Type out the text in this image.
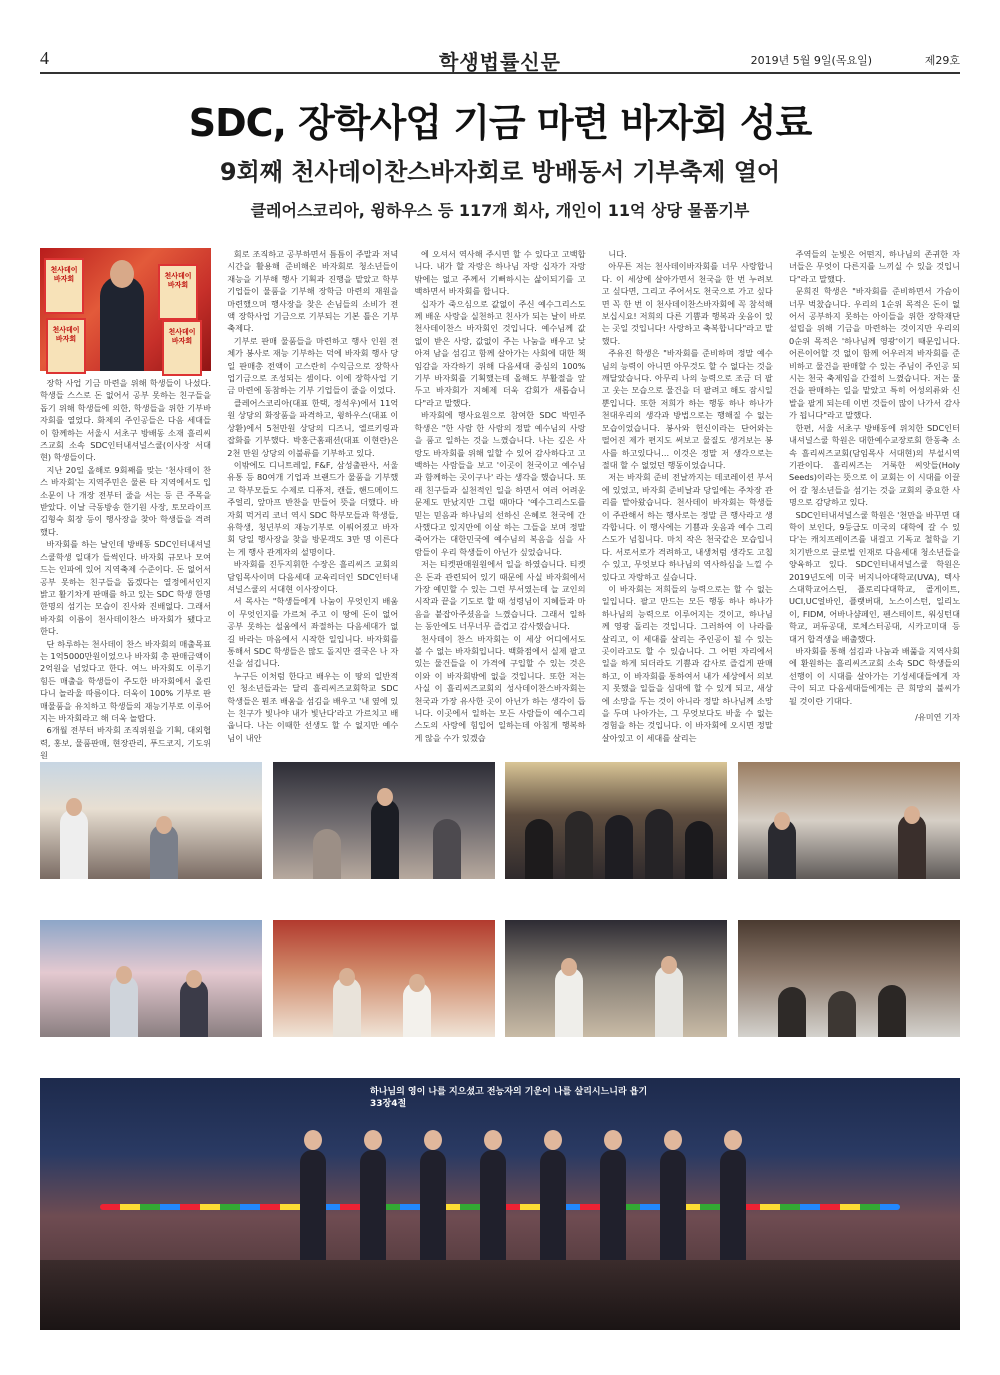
4	학생법률신문	2019년 5월 9일(목요일)	제29호
SDC, 장학사업 기금 마련 바자회 성료
9회째 천사데이찬스바자회로 방배동서 기부축제 열어
클레어스코리아, 윙하우스 등 117개 회사, 개인이 11억 상당 물품기부
천사데이 바자회	천사데이 바자회
천사데이 바자회
천사데이 바자회

장학 사업 기금 마련을 위해 학생들이 나섰다. 학생들 스스로 돈 없어서 공부 못하는 친구들을 돕기 위해 학생들에 의한, 학생들을 위한 기부바자회를 열었다. 화제의 주인공들은 다음 세대들이 함께하는 서울시 서초구 방배동 소재 흘리씨즈교회 소속 SDC인터내셔널스쿨(이사장 서대현) 학생들이다.

지난 20일 올해로 9회째를 맞는 '천사데이 찬스 바자회'는 지역주민은 물론 타 지역에서도 입소문이 나 개장 전부터 줄을 서는 등 큰 주목을 받았다. 이날 극동방송 한기원 사장, 토모라이프 김형숙 회장 등이 행사장을 찾아 학생들을 격려했다.

바자회를 하는 날인데 방배동 SDC인터내셔널스쿨학생 일대가 들썩인다. 바자회 규모나 모여드는 인파에 있어 지역축제 수준이다. 돈 없어서 공부 못하는 친구들을 돕겠다는 열정에서인지 밝고 활기차게 판매를 하고 있는 SDC 학생 한명 한명의 섬기는 모습이 진사와 진배없다. 그래서 바자회 이름이 천사데이찬스 바자회가 됐다고 한다.

단 하루하는 천사데이 찬스 바자회의 매출목표는 1억5000만원이었으나 바자회 총 판매금액이 2억원을 넘었다고 한다. 여느 바자회도 이루기 힘든 매출을 학생들이 주도한 바자회에서 올린다니 놀라울 따름이다. 더욱이 100% 기부로 판매물품을 유치하고 학생들의 재능기부로 이루어지는 바자회라고 해 더욱 놀랍다.

6개월 전부터 바자회 조직위원을 기획, 대외협력, 홍보, 물품판매, 현장관리, 푸드코지, 기도위원

회로 조직하고 공부하면서 틈틈이 주말과 저녁시간을 활용해 준비해온 바자회로 청소년들이 재능을 기부해 행사 기획과 진행을 맡았고 학부 기업들이 물품을 기부해 장학금 마련의 재원을 마련했으며 행사장을 찾은 손님들의 소비가 전액 장학사업 기금으로 기부되는 기본 틀은 기부 축제다.

기부로 판매 물품들을 마련하고 행사 인원 전체가 봉사로 재능 기부하는 덕에 바자회 행사 당일 판매총 전액이 고스란히 수익금으로 장학사업기금으로 조성되는 셈이다. 이에 장학사업 기금 마련에 동참하는 기부 기업들이 줄을 이었다.

클레어스코리아(대표 한택, 정석우)에서 11억원 상당의 화장품을 파격하고, 윙하우스(대표 이상환)에서 5천만원 상당의 디즈니, 엘르키링과 잡화를 기부했다. 박홍근홈패션(대표 이현란)은 2천 만원 상당의 이불류를 기부하고 있다.

이밖에도 디니트레일, F&F, 삼성출판사, 서울유통 등 80여개 기업과 브랜드가 물품을 기부했고 학부모들도 수제로 디퓨저, 캔들, 핸드메이드 주얼리, 앞마프 반찬을 만들어 뜻을 더했다. 바자회 먹거리 코너 역시 SDC 학부모들과 학생들, 유학생, 청년부의 재능기부로 이뤄어졌고 바자회 당일 행사장을 찾을 방문객도 3만 명 이른다는 게 행사 관계자의 설명이다.

바자회를 진두지휘한 수장은 흘리씨즈 교회의 담임목사이며 다음세대 교육리더인 SDC인터내셔널스쿨의 서대현 이사장이다.

서 목사는 "학생들에게 나눔이 무엇인지 배움이 무엇인지를 가르쳐 주고 이 땅에 돈이 없어 공부 못하는 설움에서 좌절하는 다음세대가 없길 바라는 마음에서 시작한 일입니다. 바자회를 통해서 SDC 학생들은 많도 돌지만 결국은 나 자신을 섬깁니다.

누구든 이처럼 한다고 배우는 이 땅의 일반적인 청소년들과는 달리 흘리씨즈교회학교 SDC 학생들은 뭔조 배움을 섬김을 배우고 '내 옆에 있는 친구가 빛나야 내가 빛난다'라고 가르치고 배웁니다. 나는 이때한 선생도 할 수 없지만 예수님이 내안

에 오셔서 역사해 주시면 할 수 있다고 고백합니다. 내가 할 자랑은 하나님 자랑 십자가 자랑 밖에는 없고 주께서 기뻐하시는 삶이되기를 고백하면서 바자회를 합니다.

십자가 죽으심으로 값없이 주신 예수그리스도께 배운 사랑을 실천하고 친사가 되는 날이 바로 천사데이찬스 바자회인 것입니다. 예수님께 값없이 받은 사랑, 값없이 주는 나눔을 배우고 낮아져 남을 섬김고 함께 살아가는 사회에 대한 책임감을 자각하기 위해 다음세대 중심의 100% 기부 바자회를 기획했는데 올해도 부활절을 앞두고 바자회가 지혜제 더욱 감회가 새롭습니다"라고 말했다.

바자회에 행사요원으로 참여한 SDC 박민주 학생은 "한 사람 한 사람의 정말 예수님의 사랑을 품고 일하는 것을 느꼈습니다. 나는 깊은 사랑도 바자회를 위해 일할 수 있어 감사하다고 고백하는 사람들을 보고 '이곳이 천국이고 예수님과 함께하는 곳이구나' 라는 생각을 했습니다. 또래 친구들과 실천적인 일을 하면서 여러 어려운 문제도 만났지만 그럴 때마다 '예수그리스도를 믿는 믿음과 하나님의 선하신 은혜로 천국에 간사했다고 있지만에 이살 하는 그들을 보며 정말 죽어가는 대한민국에 예수님의 복음을 심을 사람들이 우리 학생들이 아닌가 싶었습니다.

저는 티켓판매원원에서 일을 하였습니다. 티켓은 돈과 관련되어 있기 때문에 사실 바자회에서 가장 예민할 수 있는 그런 부서였는데 늘 교인의 시작과 끝을 기도로 할 때 성령님이 지혜들과 마음을 붙잡아주셨음을 느꼈습니다. 그래서 일하는 동안에도 너무너무 즐겁고 감사했습니다.

천사데이 찬스 바자회는 이 세상 어디에서도 볼 수 없는 바자회입니다. 백화점에서 실제 팔고 있는 물건들을 이 가격에 구입할 수 있는 것은 이와 이 바자회밖에 없을 것입니다. 또한 저는 사실 이 흘리씨즈교회의 성사데이찬스바자회는 천국과 가장 유사한 곳이 아닌가 하는 생각이 듭니다. 이곳에서 일하는 모든 사람들이 예수그리스도의 사랑에 힘입어 일하는데 아침게 행복하게 않을 수가 있겠습

니다.

아무튼 저는 천사데이바자회를 너무 사랑합니다. 이 세상에 살아가면서 천국을 한 번 누려보고 싶다면, 그리고 주어서도 천국으로 가고 싶다면 꼭 한 번 이 천사데이찬스바자회에 꼭 참석해보십시요! 저희의 다른 기쁨과 행복과 웃음이 있는 곳일 것입니다! 사랑하고 축복합니다"라고 말했다.

주유진 학생은 "바자회를 준비하며 정말 예수님의 능력이 아니면 아무것도 할 수 없다는 것을 깨달았습니다. 아무리 나의 능력으로 조금 더 팔고 웃는 모습으로 물건을 더 팔려고 해도 잠시일 뿐입니다. 또한 저희가 하는 행동 하나 하나가 천대우리의 생각과 방법으로는 행해질 수 없는 모습이었습니다. 봉사와 헌신이라는 단어와는 떨어진 제가 편지도 써보고 물질도 생겨보는 봉사를 하고있다니... 이것은 정말 저 생각으로는 절대 할 수 없었던 행동이었습니다.

저는 바자회 준비 전날까지는 데코레이션 부서에 있었고, 바자회 준비날과 당일에는 주차장 관리를 맡아왔습니다. 천사데이 바자회는 학생들이 주관해서 하는 행사로는 정말 큰 행사라고 생각합니다. 이 행사에는 기쁨과 웃음과 예수 그리스도가 넘칩니다. 마치 작은 천국같은 모습입니다. 서로서로가 격려하고, 내생처럼 생각도 고칩 수 있고, 무엇보다 하나님의 역사하심을 느낄 수 있다고 자랑하고 싶습니다.

이 바자회는 저희들의 능력으로는 할 수 없는 일입니다. 팔고 만드는 모든 행동 하나 하나가 하나님의 능력으로 이루어지는 것이고, 하나님께 영광 돌리는 것입니다. 그러하여 이 나라를 살리고, 이 세대를 살리는 주인공이 될 수 있는 곳이라고도 할 수 있습니다. 그 어떤 자리에서 일을 하게 되더라도 기쁨과 감사로 즐겁게 판매하고, 이 바자회를 통하여서 내가 세상에서 의보지 못했을 일들을 심대에 할 수 있게 되고, 새상에 소망을 두는 것이 아니라 정말 하나님께 소망을 두며 나아가는, 그 무엇보다도 바울 수 없는 경험을 하는 것입니다. 이 바자회에 오시면 정말 살아있고 이 세대를 살리는

주역들의 눈빛은 어떤지, 하나님의 존귀한 자녀들은 무엇이 다른지를 느끼실 수 있을 것입니다"라고 말했다.

문희진 학생은 "바자회를 준비하면서 가슴이 너무 벅찼습니다. 우리의 1순위 목적은 돈이 없어서 공부하지 못하는 아이들을 위한 장학재단 설립을 위해 기금을 마련하는 것이지만 우리의 0순위 목적은 '하나님께 영광'이기 때문입니다. 어른이어할 것 없이 함께 어우러져 바자회를 준비하고 물건을 판매할 수 있는 주님이 주인공 되시는 천국 축제임을 간절히 느꼈습니다. 저는 물건을 판매하는 일을 맡았고 특히 어성의류와 신발을 팔게 되는데 이번 것들이 많이 나가서 감사가 됩니다"라고 말했다.

한편, 서울 서초구 방배동에 위치한 SDC인터내셔널스쿨 학원은 대한예수교장로회 한동축 소속 흘리씨즈교회(담임목사 서대현)의 부설시역기관이다. 흘리씨즈는 거룩한 씨앗들(Holy Seeds)이라는 뜻으로 이 교회는 이 시대를 이끌어 갈 청소년들을 섬기는 것을 교회의 중요한 사명으로 감당하고 있다.

SDC인터내셔널스쿨 학원은 '천만을 바꾸면 대학이 보인다, 9등급도 미국의 대학에 갈 수 있다'는 캐치프레이즈를 내걸고 기독교 철학을 기치기반으로 글로벌 인재로 다음세대 청소년들을 양육하고 있다. SDC인터내셔널스쿨 학원은 2019년도에 미국 버지니아대학교(UVA), 텍사스대학교어스틴, 플로리다대학교, 콜게이트, UCI,UC얼바인, 플랫버대, 노스이스턴, 일리노이, FIDM, 어바나샴페인, 펜스테이트, 워싱턴대학교, 퍼듀공대, 로체스터공대, 시카고미대 등 대거 합격생을 배출했다.

바자회를 통해 섬김과 나눔과 배풂을 지역사회에 환원하는 흘리씨즈교회 소속 SDC 학생들의 선행이 이 시대를 살아가는 기성세대들에게 자극이 되고 다음세대들에게는 큰 희망의 불씨가 될 것이란 기대다.

/유미연 기자

하나님의 영이 나를 지으셨고 전능자의 기운이 나를 살리시느니라 욥기 33장4절
